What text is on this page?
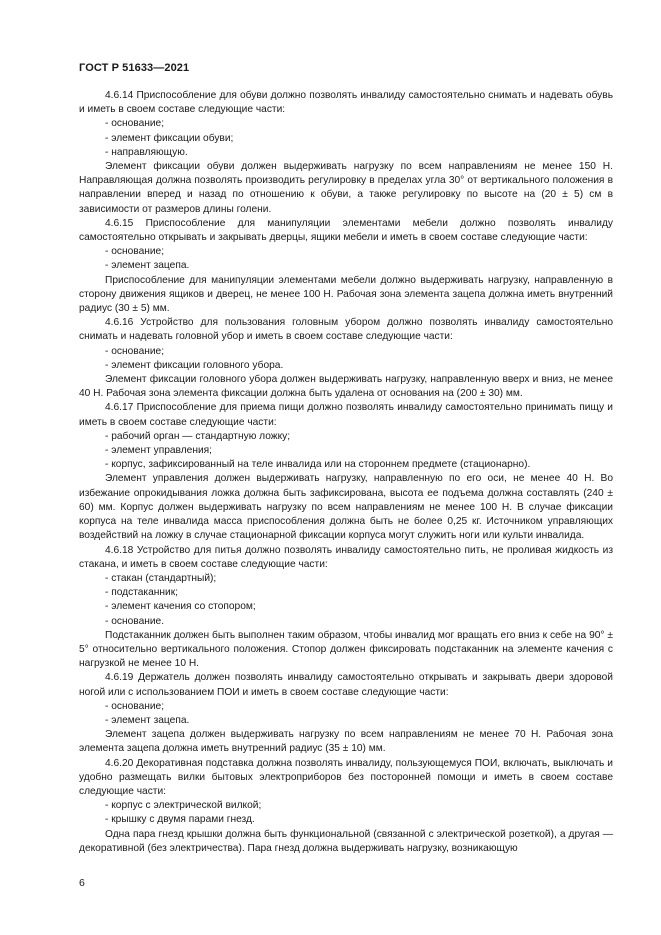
ГОСТ Р 51633—2021

4.6.14 Приспособление для обуви должно позволять инвалиду самостоятельно снимать и надевать обувь и иметь в своем составе следующие части:

- основание;

- элемент фиксации обуви;

- направляющую.

Элемент фиксации обуви должен выдерживать нагрузку по всем направлениям не менее 150 Н. Направляющая должна позволять производить регулировку в пределах угла 30° от вертикального положения в направлении вперед и назад по отношению к обуви, а также регулировку по высоте на (20 ± 5) см в зависимости от размеров длины голени.

4.6.15 Приспособление для манипуляции элементами мебели должно позволять инвалиду самостоятельно открывать и закрывать дверцы, ящики мебели и иметь в своем составе следующие части:

- основание;

- элемент зацепа.

Приспособление для манипуляции элементами мебели должно выдерживать нагрузку, направленную в сторону движения ящиков и дверец, не менее 100 Н. Рабочая зона элемента зацепа должна иметь внутренний радиус (30 ± 5) мм.

4.6.16 Устройство для пользования головным убором должно позволять инвалиду самостоятельно снимать и надевать головной убор и иметь в своем составе следующие части:

- основание;

- элемент фиксации головного убора.

Элемент фиксации головного убора должен выдерживать нагрузку, направленную вверх и вниз, не менее 40 Н. Рабочая зона элемента фиксации должна быть удалена от основания на (200 ± 30) мм.

4.6.17 Приспособление для приема пищи должно позволять инвалиду самостоятельно принимать пищу и иметь в своем составе следующие части:

- рабочий орган — стандартную ложку;

- элемент управления;

- корпус, зафиксированный на теле инвалида или на стороннем предмете (стационарно).

Элемент управления должен выдерживать нагрузку, направленную по его оси, не менее 40 Н. Во избежание опрокидывания ложка должна быть зафиксирована, высота ее подъема должна составлять (240 ± 60) мм. Корпус должен выдерживать нагрузку по всем направлениям не менее 100 Н. В случае фиксации корпуса на теле инвалида масса приспособления должна быть не более 0,25 кг. Источником управляющих воздействий на ложку в случае стационарной фиксации корпуса могут служить ноги или культи инвалида.

4.6.18 Устройство для питья должно позволять инвалиду самостоятельно пить, не проливая жидкость из стакана, и иметь в своем составе следующие части:

- стакан (стандартный);

- подстаканник;

- элемент качения со стопором;

- основание.

Подстаканник должен быть выполнен таким образом, чтобы инвалид мог вращать его вниз к себе на 90° ± 5° относительно вертикального положения. Стопор должен фиксировать подстаканник на элементе качения с нагрузкой не менее 10 Н.

4.6.19 Держатель должен позволять инвалиду самостоятельно открывать и закрывать двери здоровой ногой или с использованием ПОИ и иметь в своем составе следующие части:

- основание;

- элемент зацепа.

Элемент зацепа должен выдерживать нагрузку по всем направлениям не менее 70 Н. Рабочая зона элемента зацепа должна иметь внутренний радиус (35 ± 10) мм.

4.6.20 Декоративная подставка должна позволять инвалиду, пользующемуся ПОИ, включать, выключать и удобно размещать вилки бытовых электроприборов без посторонней помощи и иметь в своем составе следующие части:

- корпус с электрической вилкой;

- крышку с двумя парами гнезд.

Одна пара гнезд крышки должна быть функциональной (связанной с электрической розеткой), а другая — декоративной (без электричества). Пара гнезд должна выдерживать нагрузку, возникающую

6
